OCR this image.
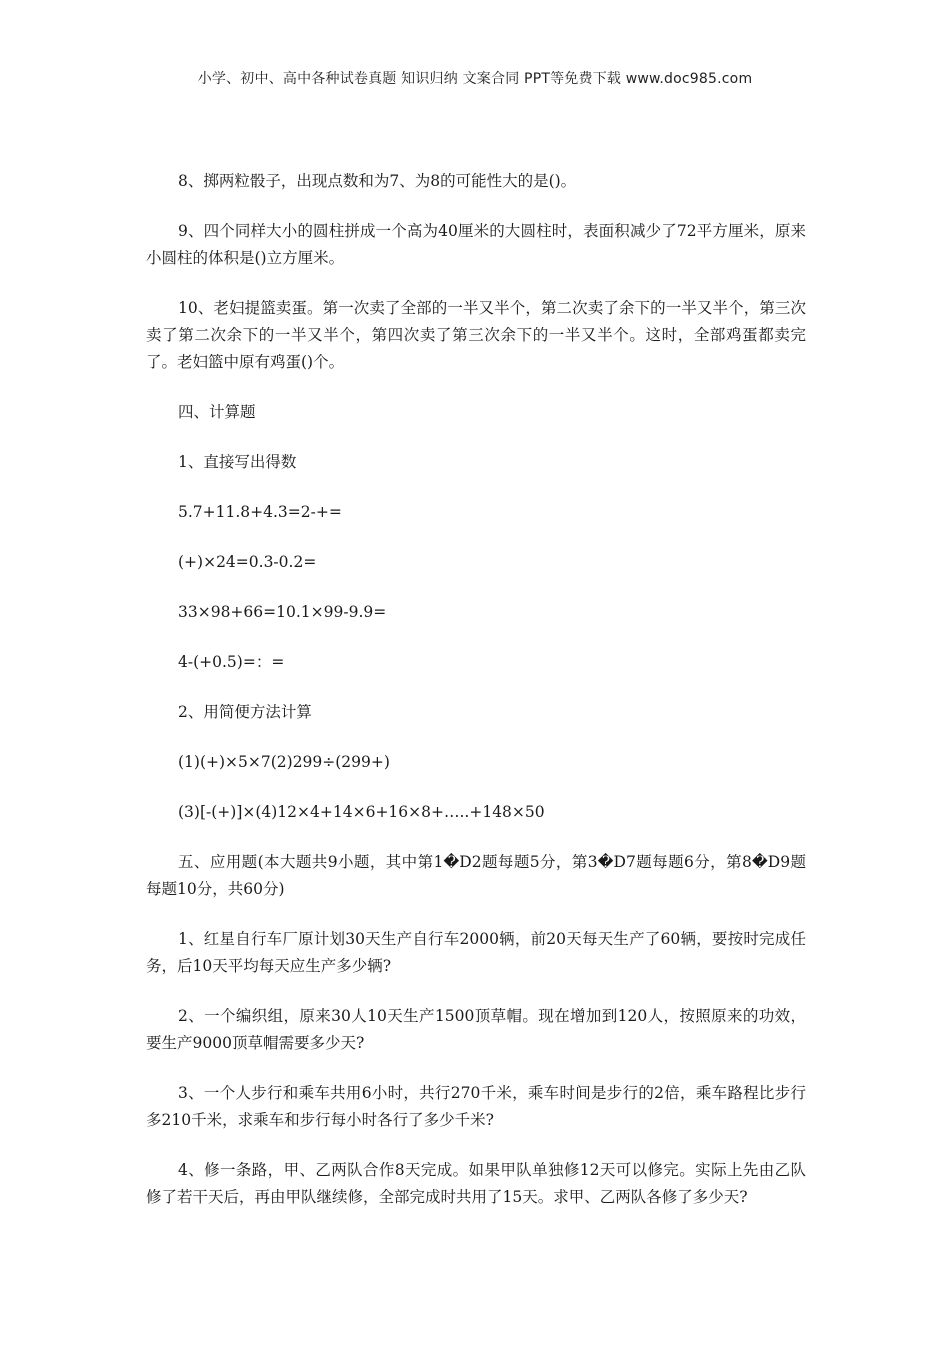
小学、初中、高中各种试卷真题 知识归纳 文案合同 PPT等免费下载 www.doc985.com

8、掷两粒骰子，出现点数和为7、为8的可能性大的是()。

9、四个同样大小的圆柱拼成一个高为40厘米的大圆柱时，表面积减少了72平方厘米，原来小圆柱的体积是()立方厘米。

10、老妇提篮卖蛋。第一次卖了全部的一半又半个，第二次卖了余下的一半又半个，第三次卖了第二次余下的一半又半个，第四次卖了第三次余下的一半又半个。这时，全部鸡蛋都卖完了。老妇篮中原有鸡蛋()个。

四、计算题

1、直接写出得数

5.7+11.8+4.3=2-+=

(+)×24=0.3-0.2=

33×98+66=10.1×99-9.9=

4-(+0.5)=：=

2、用简便方法计算

(1)(+)×5×7(2)299÷(299+)

(3)[-(+)]×(4)12×4+14×6+16×8+…..+148×50

五、应用题(本大题共9小题，其中第1�D2题每题5分，第3�D7题每题6分，第8�D9题每题10分，共60分)

1、红星自行车厂原计划30天生产自行车2000辆，前20天每天生产了60辆，要按时完成任务，后10天平均每天应生产多少辆?

2、一个编织组，原来30人10天生产1500顶草帽。现在增加到120人，按照原来的功效，要生产9000顶草帽需要多少天?

3、一个人步行和乘车共用6小时，共行270千米，乘车时间是步行的2倍，乘车路程比步行多210千米，求乘车和步行每小时各行了多少千米?

4、修一条路，甲、乙两队合作8天完成。如果甲队单独修12天可以修完。实际上先由乙队修了若干天后，再由甲队继续修，全部完成时共用了15天。求甲、乙两队各修了多少天?
